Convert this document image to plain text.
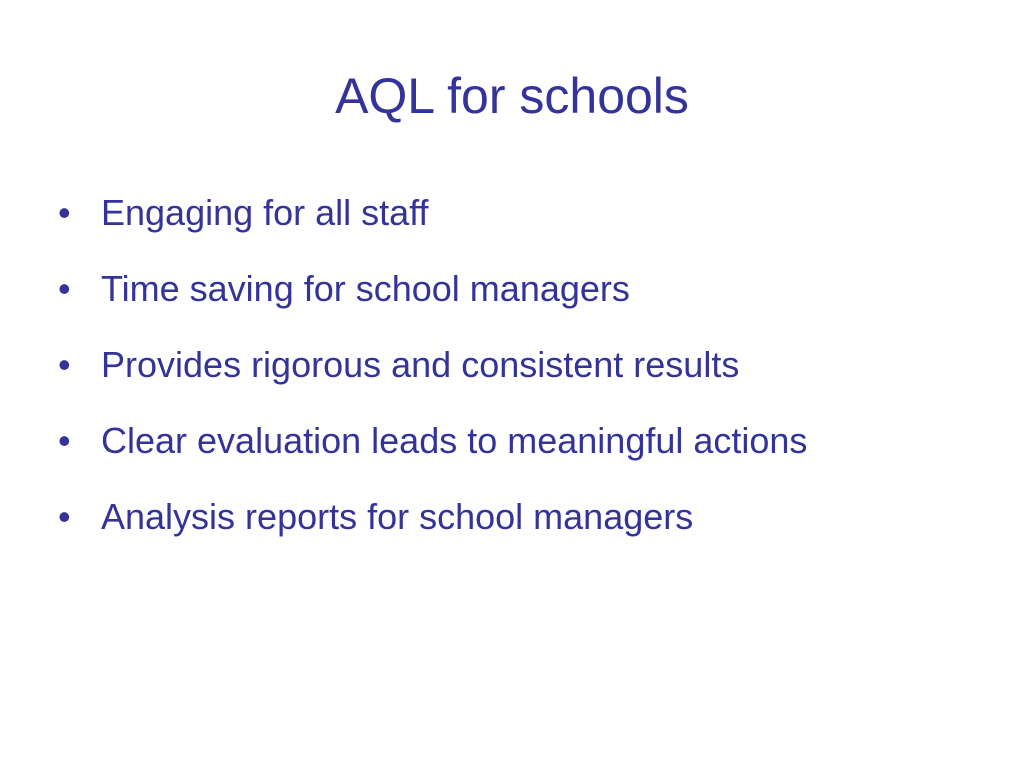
AQL for schools
• Engaging for all staff
• Time saving for school managers
• Provides rigorous and consistent results
• Clear evaluation leads to meaningful actions
• Analysis reports for school managers
